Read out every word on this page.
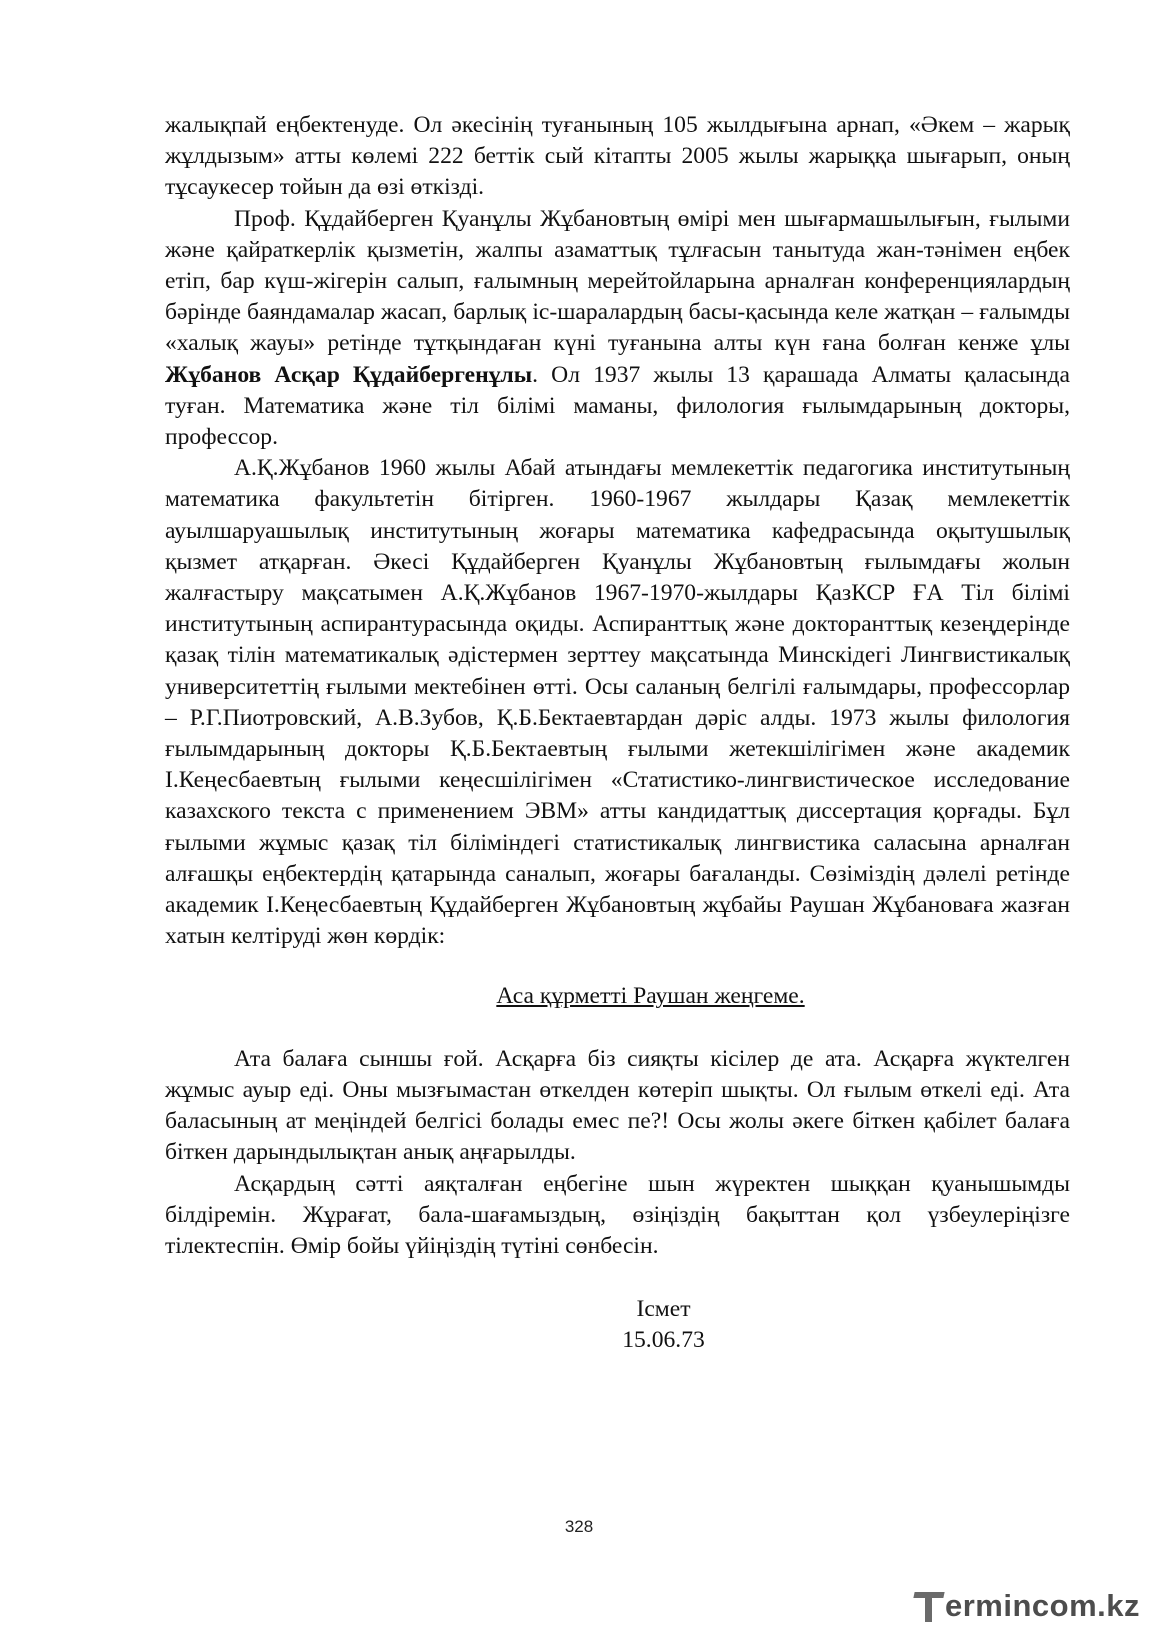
жалықпай еңбектенуде. Ол әкесінің туғанының 105 жылдығына арнап, «Әкем – жарық жұлдызым» атты көлемі 222 беттік сый кітапты 2005 жылы жарыққа шығарып, оның тұсаукесер тойын да өзі өткізді.

Проф. Құдайберген Қуанұлы Жұбановтың өмірі мен шығармашылығын, ғылыми және қайраткерлік қызметін, жалпы азаматтық тұлғасын танытуда жан-тәнімен еңбек етіп, бар күш-жігерін салып, ғалымның мерейтойларына арналған конференциялардың бәрінде баяндамалар жасап, барлық іс-шаралардың басы-қасында келе жатқан – ғалымды «халық жауы» ретінде тұтқындаған күні туғанына алты күн ғана болған кенже ұлы Жұбанов Асқар Құдайбергенұлы. Ол 1937 жылы 13 қарашада Алматы қаласында туған. Математика және тіл білімі маманы, филология ғылымдарының докторы, профессор.

А.Қ.Жұбанов 1960 жылы Абай атындағы мемлекеттік педагогика институтының математика факультетін бітірген. 1960-1967 жылдары Қазақ мемлекеттік ауылшаруашылық институтының жоғары математика кафедрасында оқытушылық қызмет атқарған. Әкесі Құдайберген Қуанұлы Жұбановтың ғылымдағы жолын жалғастыру мақсатымен А.Қ.Жұбанов 1967-1970-жылдары ҚазКСР ҒА Тіл білімі институтының аспирантурасында оқиды. Аспиранттық және докторанттық кезеңдерінде қазақ тілін математикалық әдістермен зерттеу мақсатында Минскідегі Лингвистикалық университеттің ғылыми мектебінен өтті. Осы саланың белгілі ғалымдары, профессорлар – Р.Г.Пиотровский, А.В.Зубов, Қ.Б.Бектаевтардан дәріс алды. 1973 жылы филология ғылымдарының докторы Қ.Б.Бектаевтың ғылыми жетекшілігімен және академик І.Кеңесбаевтың ғылыми кеңесшілігімен «Статистико-лингвистическое исследование казахского текста с применением ЭВМ» атты кандидаттық диссертация қорғады. Бұл ғылыми жұмыс қазақ тіл біліміндегі статистикалық лингвистика саласына арналған алғашқы еңбектердің қатарында саналып, жоғары бағаланды. Сөзіміздің дәлелі ретінде академик І.Кеңесбаевтың Құдайберген Жұбановтың жұбайы Раушан Жұбановаға жазған хатын келтіруді жөн көрдік:

Аса құрметті Раушан жеңгеме.

Ата балаға сыншы ғой. Асқарға біз сияқты кісілер де ата. Асқарға жүктелген жұмыс ауыр еді. Оны мызғымастан өткелден көтеріп шықты. Ол ғылым өткелі еді. Ата баласының ат меңіндей белгісі болады емес пе?! Осы жолы әкеге біткен қабілет балаға біткен дарындылықтан анық аңғарылды.

Асқардың сәтті аяқталған еңбегіне шын жүректен шыққан қуанышымды білдіремін. Жұрағат, бала-шағамыздың, өзіңіздің бақыттан қол үзбеулеріңізге тілектеспін. Өмір бойы үйіңіздің түтіні сөнбесін.

Ісмет
15.06.73

328
ermincom.kz
